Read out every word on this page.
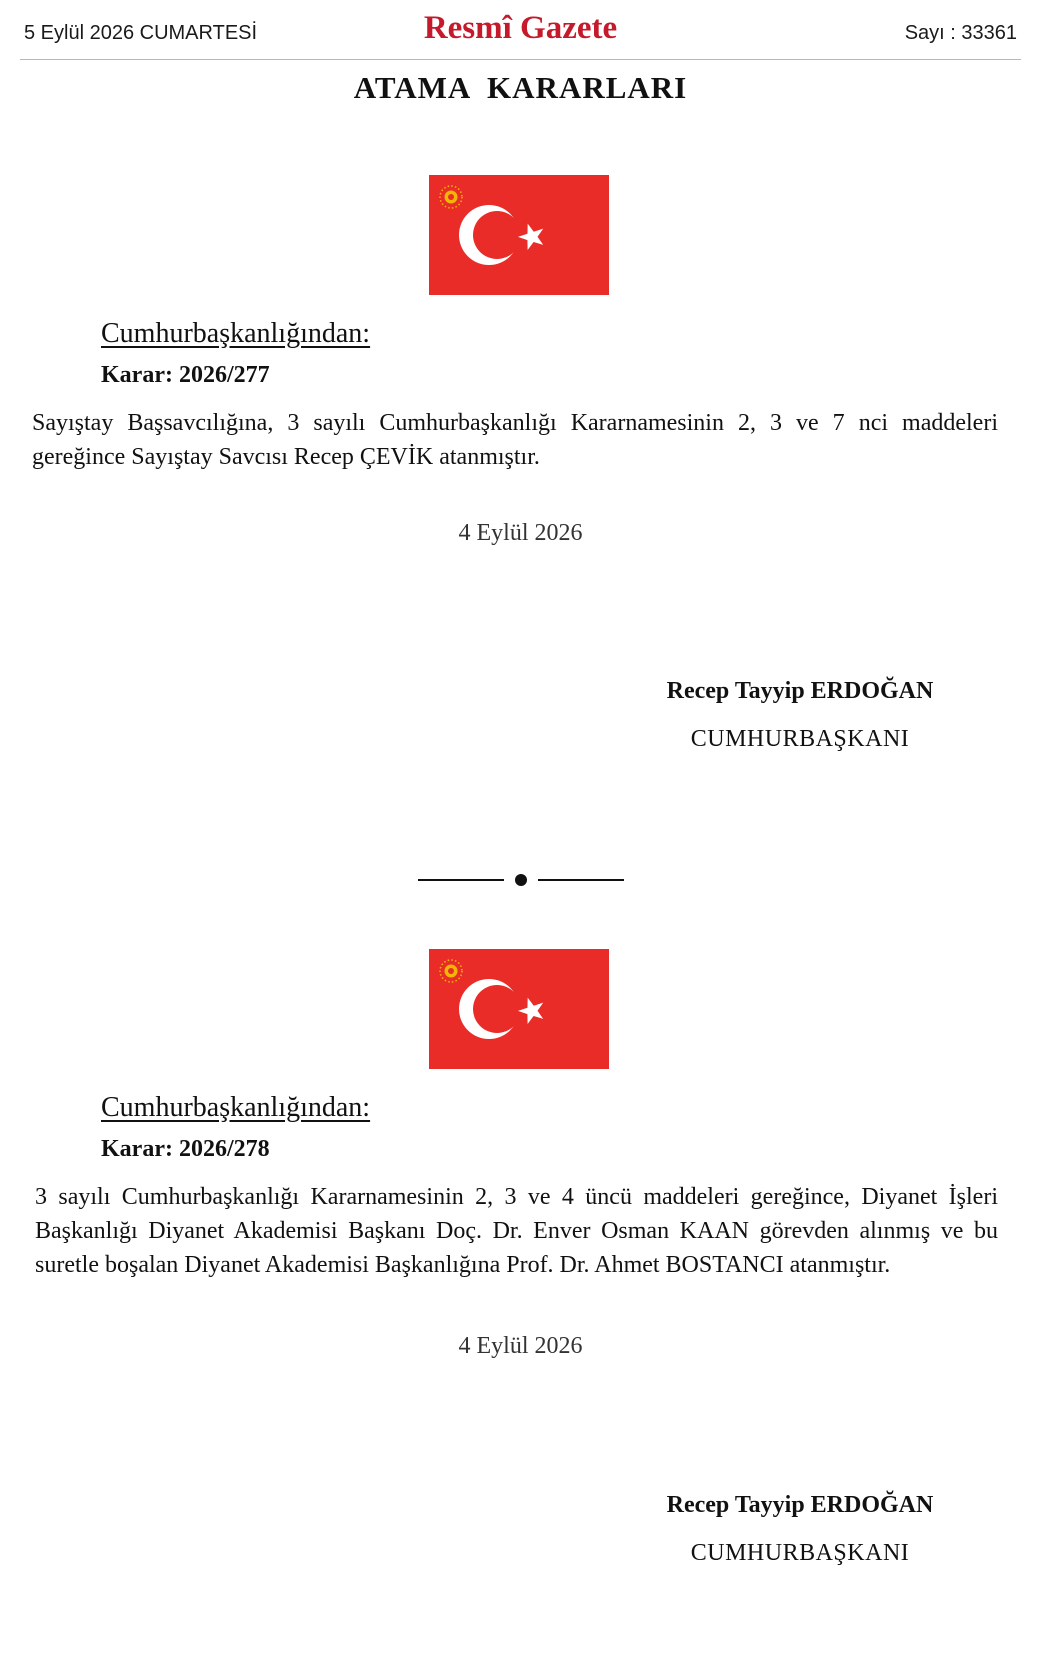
5 Eylül 2026 CUMARTESİ	Resmî Gazete	Sayı : 33361
ATAMA  KARARLARI
Cumhurbaşkanlığından:
Karar: 2026/277
Sayıştay Başsavcılığına, 3 sayılı Cumhurbaşkanlığı Kararnamesinin 2, 3 ve 7 nci maddeleri gereğince Sayıştay Savcısı Recep ÇEVİK atanmıştır.
4 Eylül 2026
Recep Tayyip ERDOĞAN
CUMHURBAŞKANI
Cumhurbaşkanlığından:
Karar: 2026/278
3 sayılı Cumhurbaşkanlığı Kararnamesinin 2, 3 ve 4 üncü maddeleri gereğince, Diyanet İşleri Başkanlığı Diyanet Akademisi Başkanı Doç. Dr. Enver Osman KAAN görevden alınmış ve bu suretle boşalan Diyanet Akademisi Başkanlığına Prof. Dr. Ahmet BOSTANCI atanmıştır.
4 Eylül 2026
Recep Tayyip ERDOĞAN
CUMHURBAŞKANI
